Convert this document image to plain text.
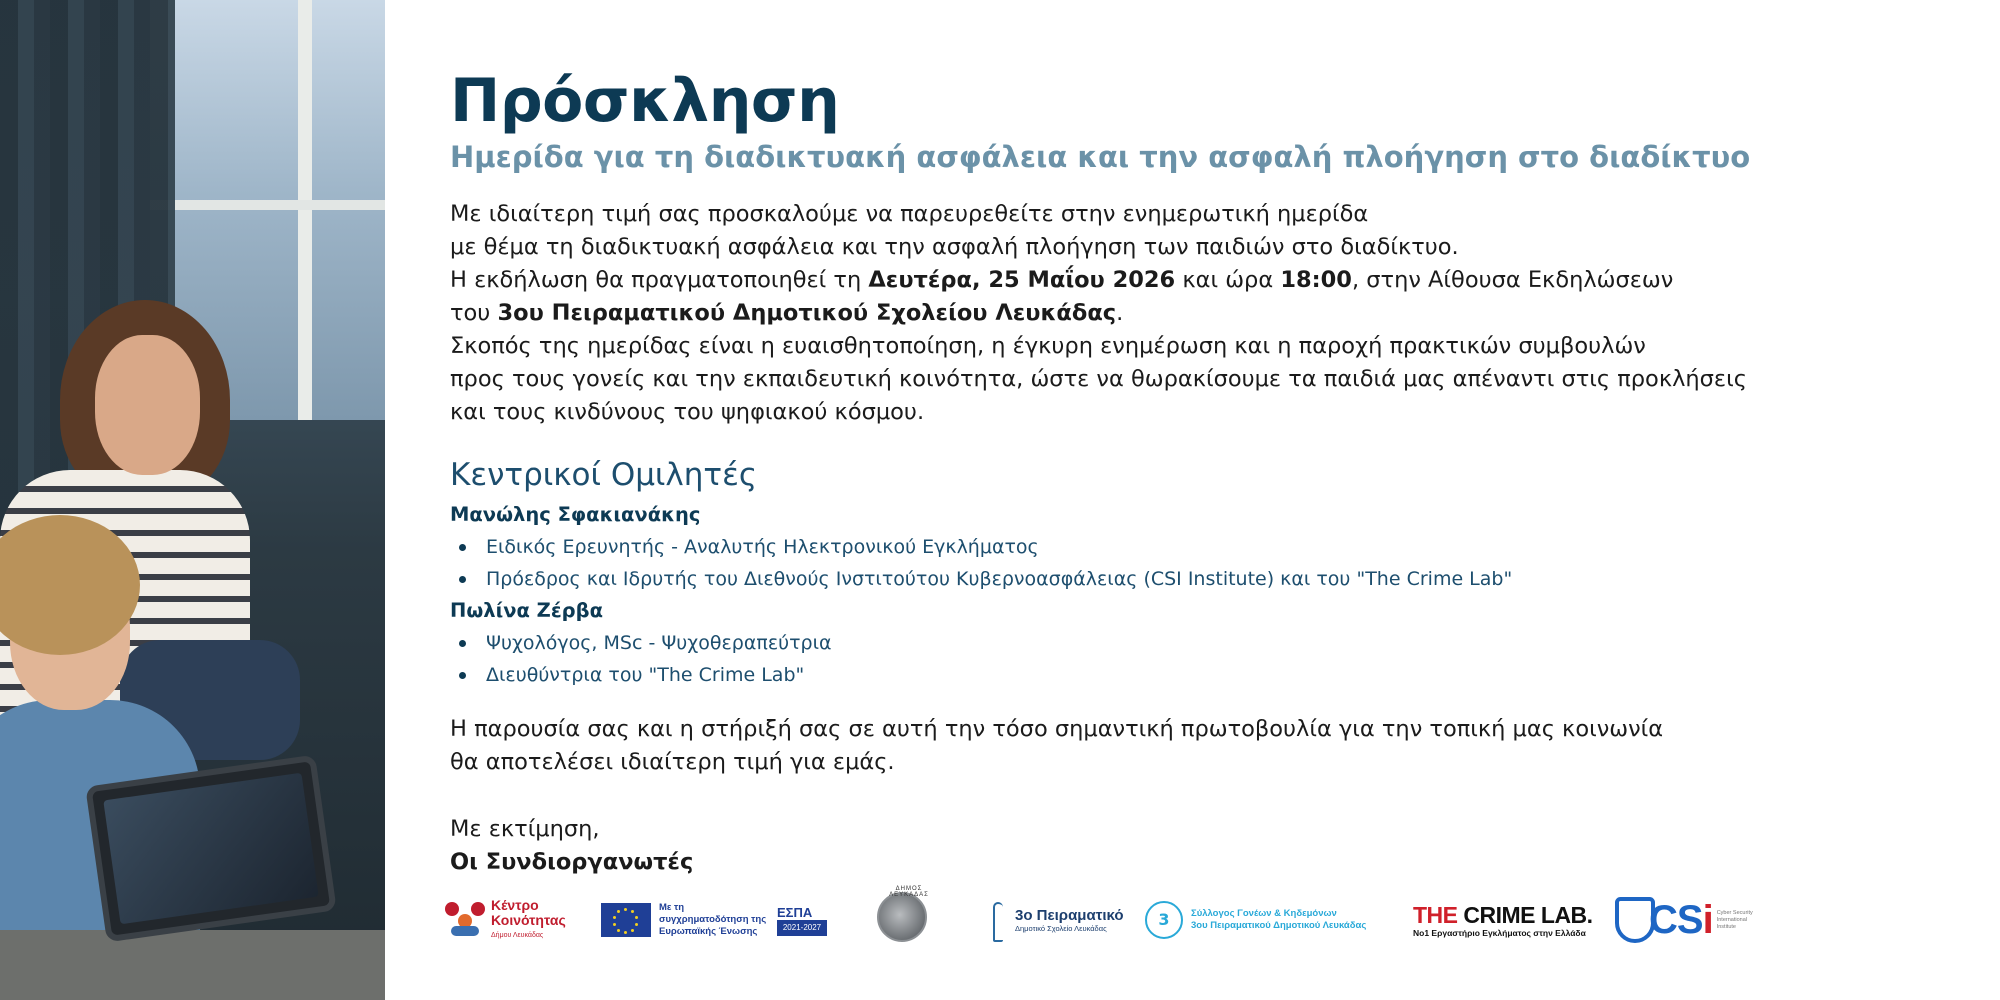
Πρόσκληση
Ημερίδα για τη διαδικτυακή ασφάλεια και την ασφαλή πλοήγηση στο διαδίκτυο

Με ιδιαίτερη τιμή σας προσκαλούμε να παρευρεθείτε στην ενημερωτική ημερίδα

με θέμα τη διαδικτυακή ασφάλεια και την ασφαλή πλοήγηση των παιδιών στο διαδίκτυο.

Η εκδήλωση θα πραγματοποιηθεί τη Δευτέρα, 25 Μαΐου 2026 και ώρα 18:00, στην Αίθουσα Εκδηλώσεων

του 3ου Πειραματικού Δημοτικού Σχολείου Λευκάδας.

Σκοπός της ημερίδας είναι η ευαισθητοποίηση, η έγκυρη ενημέρωση και η παροχή πρακτικών συμβουλών

προς τους γονείς και την εκπαιδευτική κοινότητα, ώστε να θωρακίσουμε τα παιδιά μας απέναντι στις προκλήσεις

και τους κινδύνους του ψηφιακού κόσμου.

Κεντρικοί Ομιλητές
Μανώλης Σφακιανάκης
Ειδικός Ερευνητής - Αναλυτής Ηλεκτρονικού Εγκλήματος
Πρόεδρος και Ιδρυτής του Διεθνούς Ινστιτούτου Κυβερνοασφάλειας (CSI Institute) και του "The Crime Lab"
Πωλίνα Ζέρβα
Ψυχολόγος, MSc - Ψυχοθεραπεύτρια
Διευθύντρια του "The Crime Lab"

Η παρουσία σας και η στήριξή σας σε αυτή την τόσο σημαντική πρωτοβουλία για την τοπική μας κοινωνία

θα αποτελέσει ιδιαίτερη τιμή για εμάς.

Με εκτίμηση,

Οι Συνδιοργανωτές

Κέντρο
Κοινότητας
Δήμου Λευκάδας
Με τη συγχρηματοδότηση της Ευρωπαϊκής Ένωσης
ΕΣΠΑ
2021-2027
ΔΗΜΟΣ ΛΕΥΚΑΔΑΣ
3ο Πειραματικό
Δημοτικό Σχολείο Λευκάδας	3	Σύλλογος Γονέων & Κηδεμόνων
3ου Πειραματικού Δημοτικού Λευκάδας THE CRIME LAB.
No1 Εργαστήριο Εγκλήματος στην Ελλάδα CSi Cyber Security International Institute
